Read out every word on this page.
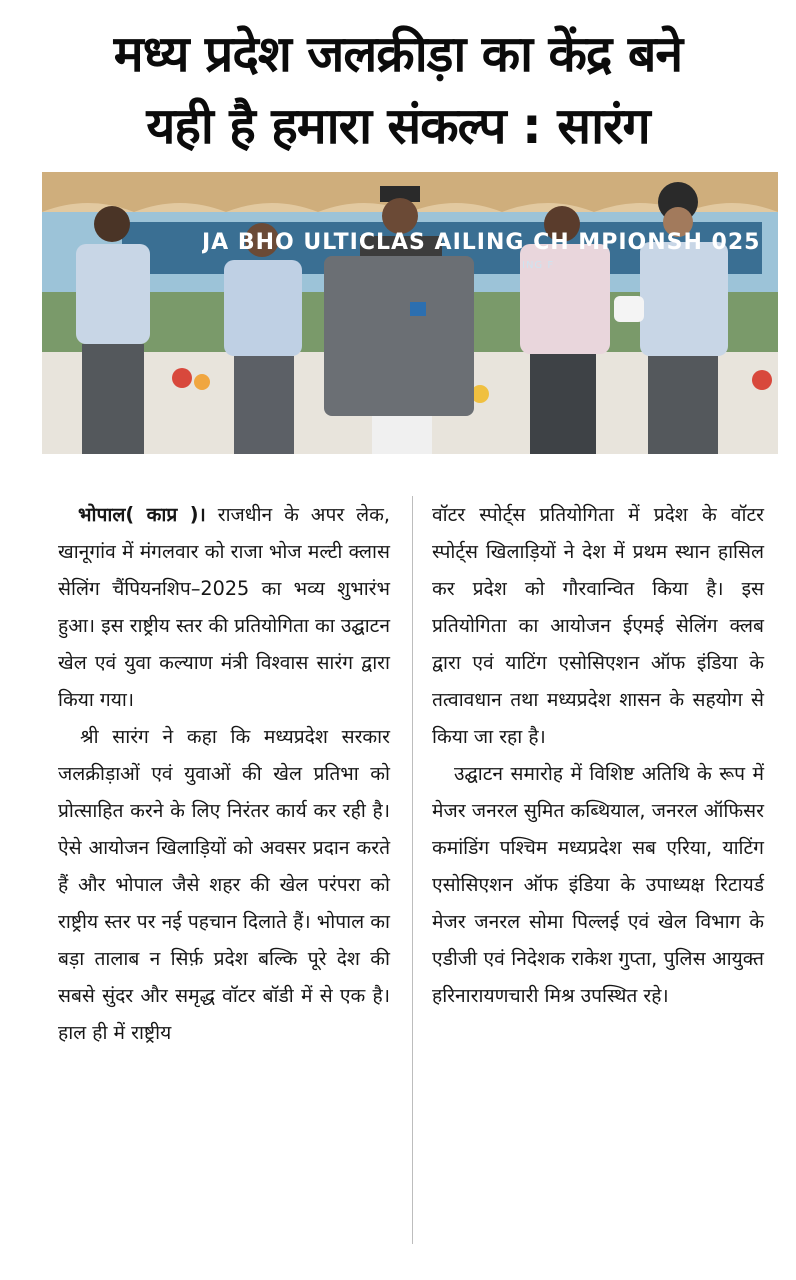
मध्य प्रदेश जलक्रीड़ा का केंद्र बने
यही है हमारा संकल्प : सारंग
JA BHO ULTICLAS AILING CH MPIONSH 025
ING F

भोपाल( काप्र )। राजधीन के अपर लेक, खानूगांव में मंगलवार को राजा भोज मल्टी क्लास सेलिंग चैंपियनशिप–2025 का भव्य शुभारंभ हुआ। इस राष्ट्रीय स्तर की प्रतियोगिता का उद्घाटन खेल एवं युवा कल्याण मंत्री विश्वास सारंग द्वारा किया गया।

श्री सारंग ने कहा कि मध्यप्रदेश सरकार जलक्रीड़ाओं एवं युवाओं की खेल प्रतिभा को प्रोत्साहित करने के लिए निरंतर कार्य कर रही है। ऐसे आयोजन खिलाड़ियों को अवसर प्रदान करते हैं और भोपाल जैसे शहर की खेल परंपरा को राष्ट्रीय स्तर पर नई पहचान दिलाते हैं। भोपाल का बड़ा तालाब न सिर्फ़ प्रदेश बल्कि पूरे देश की सबसे सुंदर और समृद्ध वॉटर बॉडी में से एक है। हाल ही में राष्ट्रीय

वॉटर स्पोर्ट्स प्रतियोगिता में प्रदेश के वॉटर स्पोर्ट्स खिलाड़ियों ने देश में प्रथम स्थान हासिल कर प्रदेश को गौरवान्वित किया है। इस प्रतियोगिता का आयोजन ईएमई सेलिंग क्लब द्वारा एवं याटिंग एसोसिएशन ऑफ इंडिया के तत्वावधान तथा मध्यप्रदेश शासन के सहयोग से किया जा रहा है।

उद्घाटन समारोह में विशिष्ट अतिथि के रूप में मेजर जनरल सुमित कब्थियाल, जनरल ऑफिसर कमांडिंग पश्चिम मध्यप्रदेश सब एरिया, याटिंग एसोसिएशन ऑफ इंडिया के उपाध्यक्ष रिटायर्ड मेजर जनरल सोमा पिल्लई एवं खेल विभाग के एडीजी एवं निदेशक राकेश गुप्ता, पुलिस आयुक्त हरिनारायणचारी मिश्र उपस्थित रहे।
